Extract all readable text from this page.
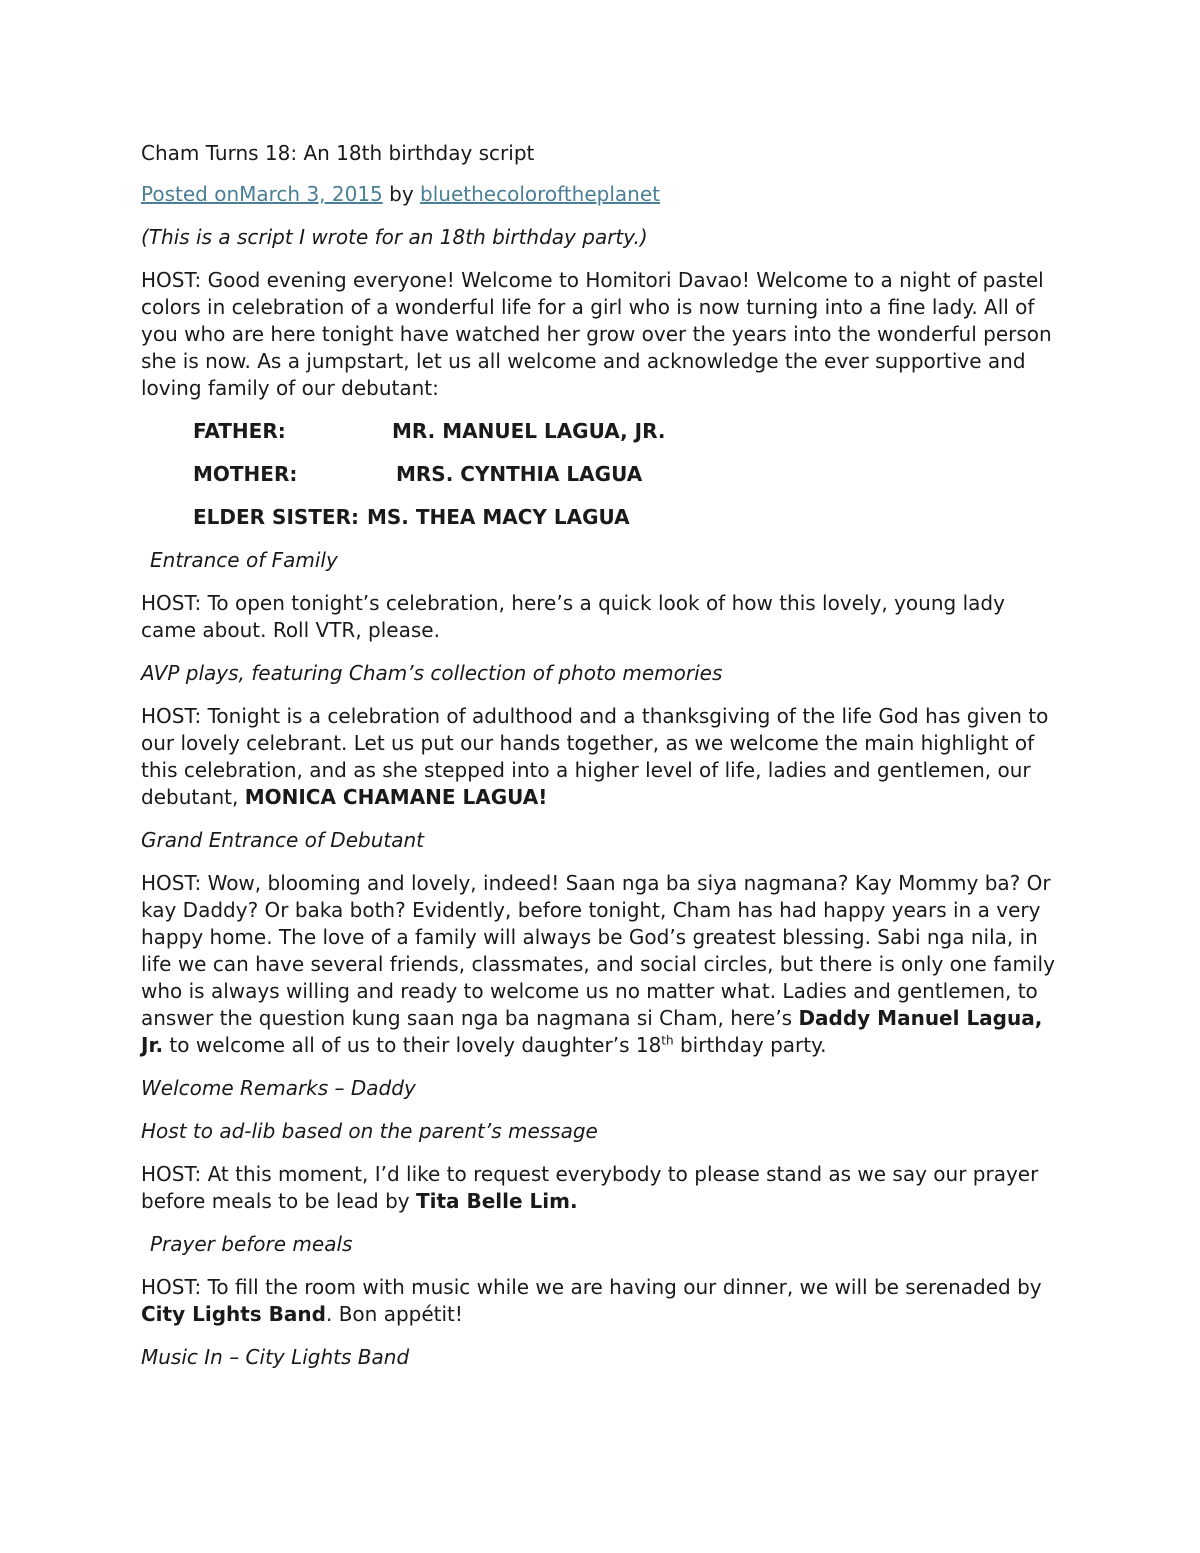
Cham Turns 18: An 18th birthday script

Posted onMarch 3, 2015 by bluethecoloroftheplanet

(This is a script I wrote for an 18th birthday party.)

HOST: Good evening everyone! Welcome to Homitori Davao! Welcome to a night of pastel colors in celebration of a wonderful life for a girl who is now turning into a fine lady. All of you who are here tonight have watched her grow over the years into the wonderful person she is now. As a jumpstart, let us all welcome and acknowledge the ever supportive and loving family of our debutant:

FATHER:	MR. MANUEL LAGUA, JR.

MOTHER:	MRS. CYNTHIA LAGUA

ELDER SISTER: MS. THEA MACY LAGUA

Entrance of Family

HOST: To open tonight’s celebration, here’s a quick look of how this lovely, young lady came about. Roll VTR, please.

AVP plays, featuring Cham’s collection of photo memories

HOST: Tonight is a celebration of adulthood and a thanksgiving of the life God has given to our lovely celebrant. Let us put our hands together, as we welcome the main highlight of this celebration, and as she stepped into a higher level of life, ladies and gentlemen, our debutant, MONICA CHAMANE LAGUA!

Grand Entrance of Debutant

HOST: Wow, blooming and lovely, indeed! Saan nga ba siya nagmana? Kay Mommy ba? Or kay Daddy? Or baka both? Evidently, before tonight, Cham has had happy years in a very happy home. The love of a family will always be God’s greatest blessing. Sabi nga nila, in life we can have several friends, classmates, and social circles, but there is only one family who is always willing and ready to welcome us no matter what. Ladies and gentlemen, to answer the question kung saan nga ba nagmana si Cham, here’s Daddy Manuel Lagua, Jr. to welcome all of us to their lovely daughter’s 18th birthday party.

Welcome Remarks – Daddy

Host to ad-lib based on the parent’s message

HOST: At this moment, I’d like to request everybody to please stand as we say our prayer before meals to be lead by Tita Belle Lim.

Prayer before meals

HOST: To fill the room with music while we are having our dinner, we will be serenaded by City Lights Band. Bon appétit!

Music In – City Lights Band
